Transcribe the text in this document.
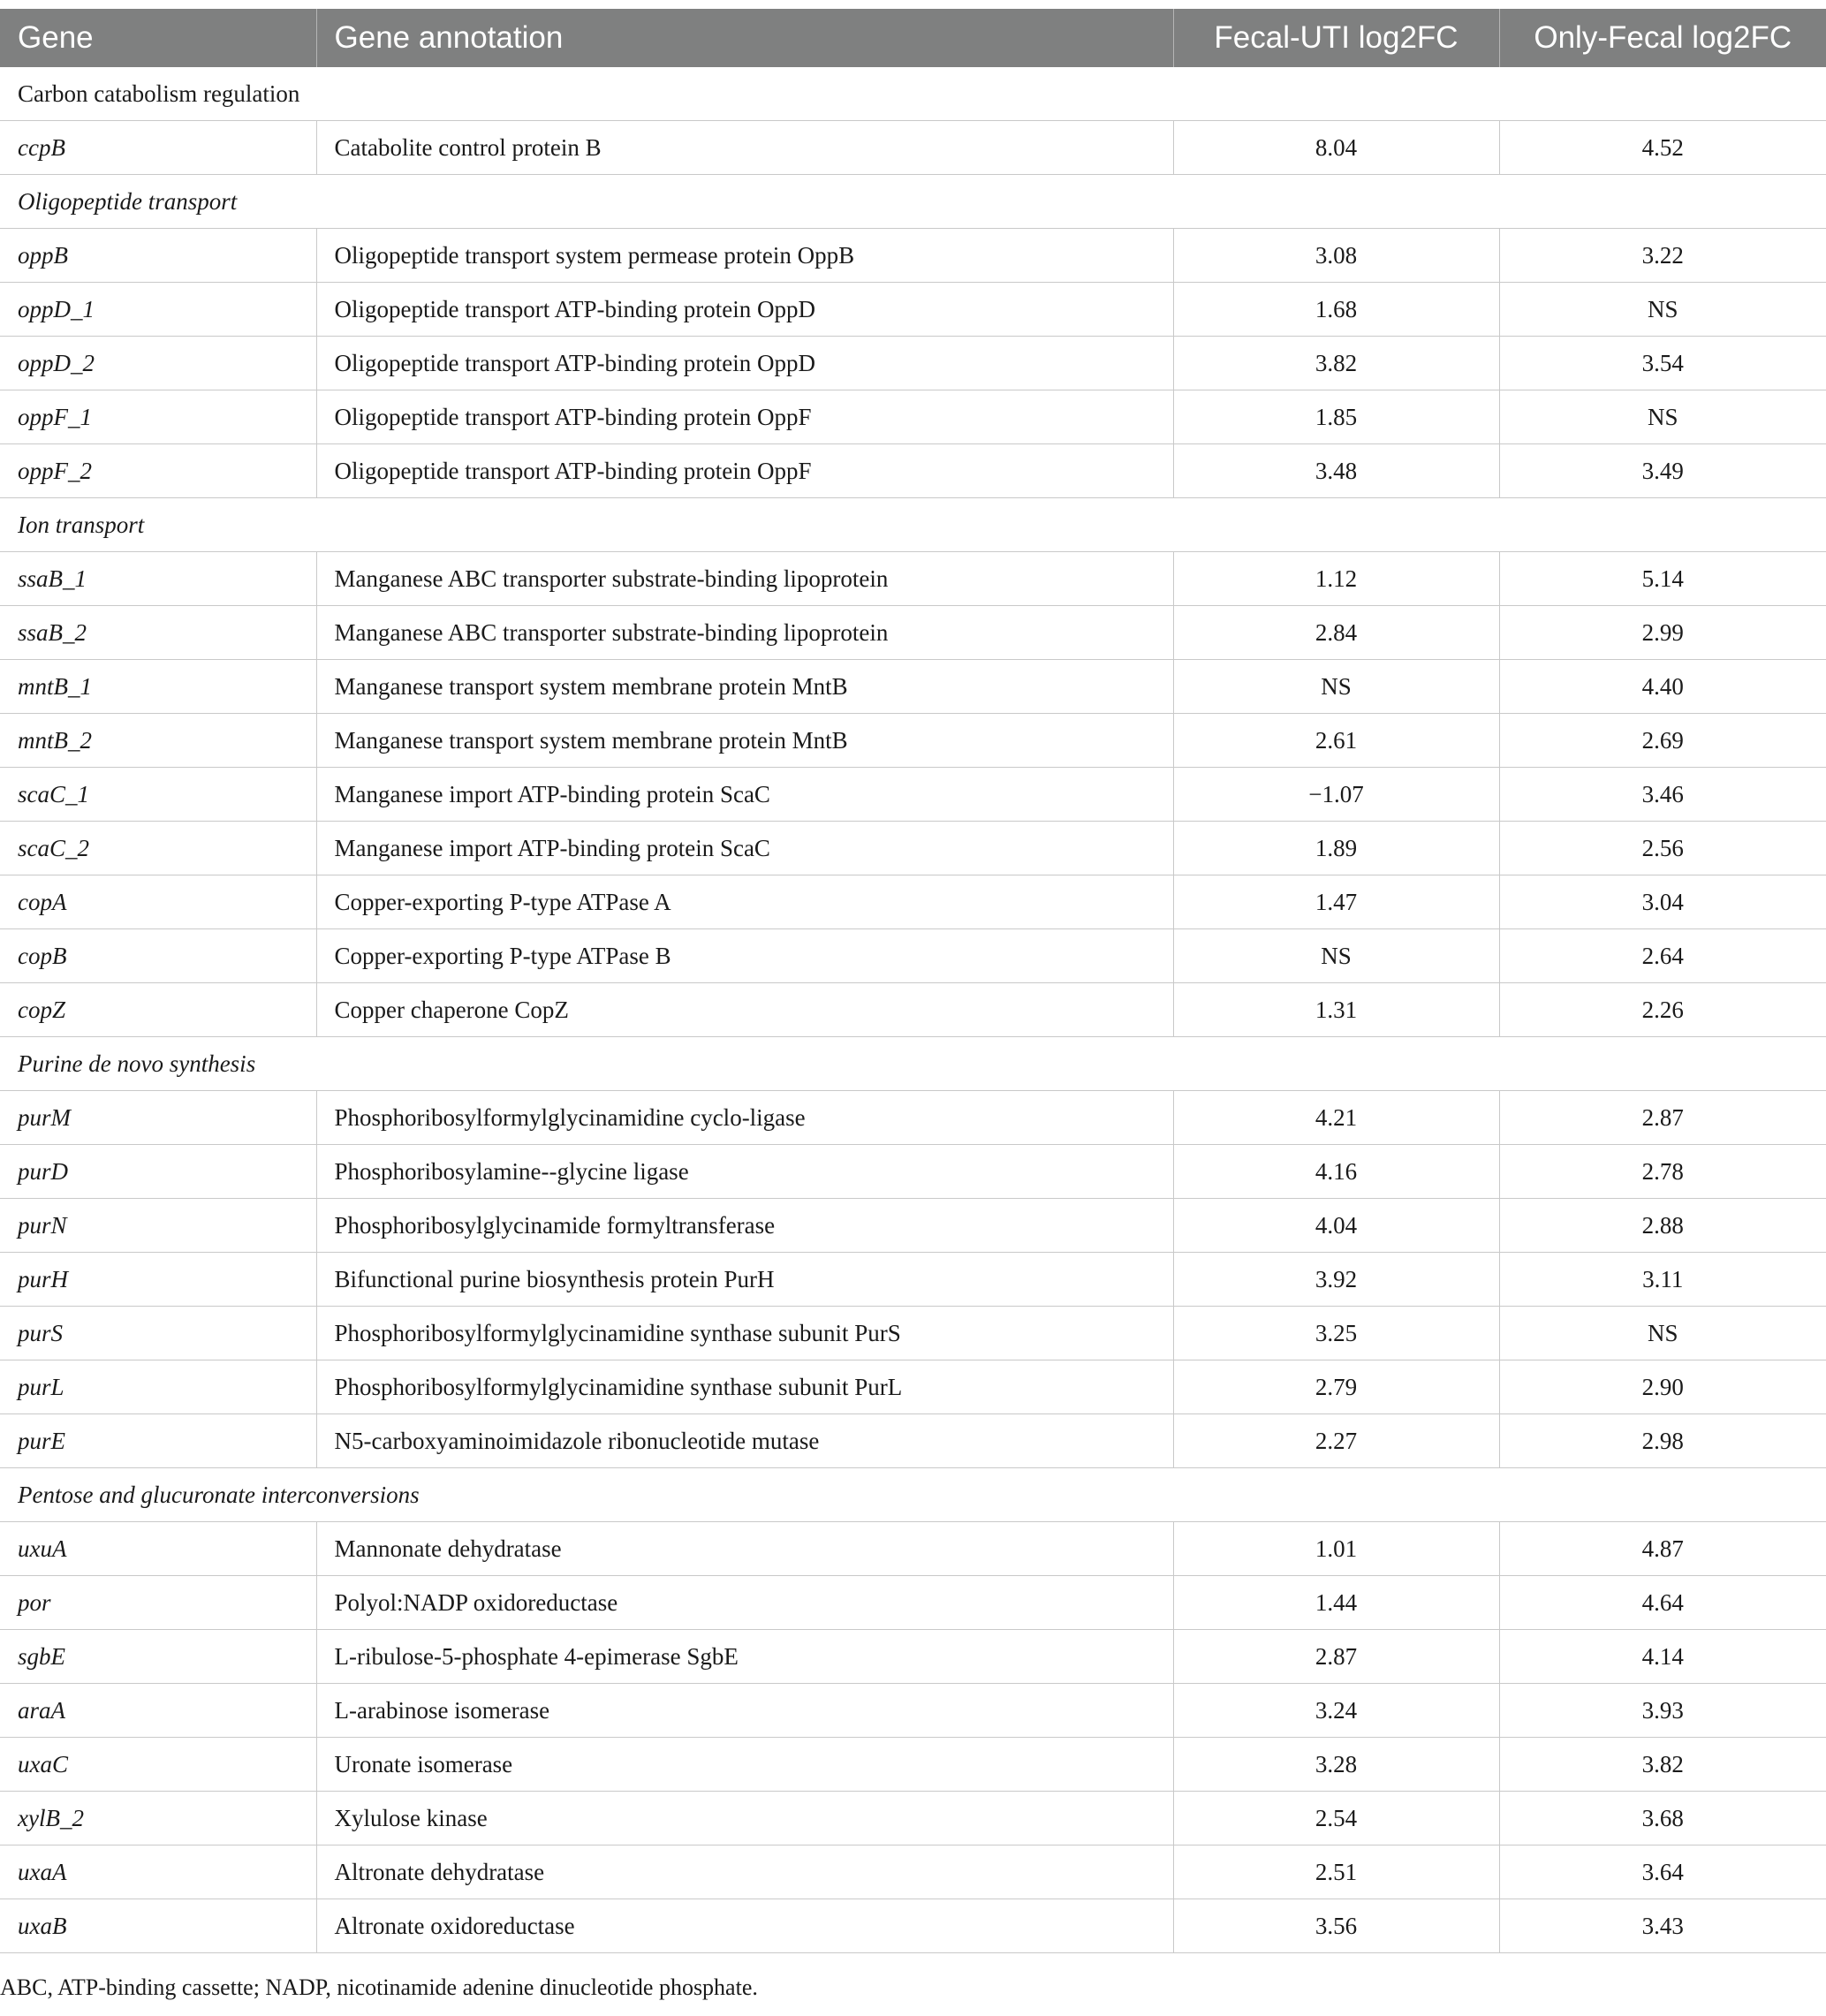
Gene	Gene annotation	Fecal-UTI log2FC	Only-Fecal log2FC
Carbon catabolism regulation			
ccpB	Catabolite control protein B	8.04	4.52
Oligopeptide transport			
oppB	Oligopeptide transport system permease protein OppB	3.08	3.22
oppD_1	Oligopeptide transport ATP-binding protein OppD	1.68	NS
oppD_2	Oligopeptide transport ATP-binding protein OppD	3.82	3.54
oppF_1	Oligopeptide transport ATP-binding protein OppF	1.85	NS
oppF_2	Oligopeptide transport ATP-binding protein OppF	3.48	3.49
Ion transport			
ssaB_1	Manganese ABC transporter substrate-binding lipoprotein	1.12	5.14
ssaB_2	Manganese ABC transporter substrate-binding lipoprotein	2.84	2.99
mntB_1	Manganese transport system membrane protein MntB	NS	4.40
mntB_2	Manganese transport system membrane protein MntB	2.61	2.69
scaC_1	Manganese import ATP-binding protein ScaC	−1.07	3.46
scaC_2	Manganese import ATP-binding protein ScaC	1.89	2.56
copA	Copper-exporting P-type ATPase A	1.47	3.04
copB	Copper-exporting P-type ATPase B	NS	2.64
copZ	Copper chaperone CopZ	1.31	2.26
Purine de novo synthesis			
purM	Phosphoribosylformylglycinamidine cyclo-ligase	4.21	2.87
purD	Phosphoribosylamine--glycine ligase	4.16	2.78
purN	Phosphoribosylglycinamide formyltransferase	4.04	2.88
purH	Bifunctional purine biosynthesis protein PurH	3.92	3.11
purS	Phosphoribosylformylglycinamidine synthase subunit PurS	3.25	NS
purL	Phosphoribosylformylglycinamidine synthase subunit PurL	2.79	2.90
purE	N5-carboxyaminoimidazole ribonucleotide mutase	2.27	2.98
Pentose and glucuronate interconversions			
uxuA	Mannonate dehydratase	1.01	4.87
por	Polyol:NADP oxidoreductase	1.44	4.64
sgbE	L-ribulose-5-phosphate 4-epimerase SgbE	2.87	4.14
araA	L-arabinose isomerase	3.24	3.93
uxaC	Uronate isomerase	3.28	3.82
xylB_2	Xylulose kinase	2.54	3.68
uxaA	Altronate dehydratase	2.51	3.64
uxaB	Altronate oxidoreductase	3.56	3.43
ABC, ATP-binding cassette; NADP, nicotinamide adenine dinucleotide phosphate.
